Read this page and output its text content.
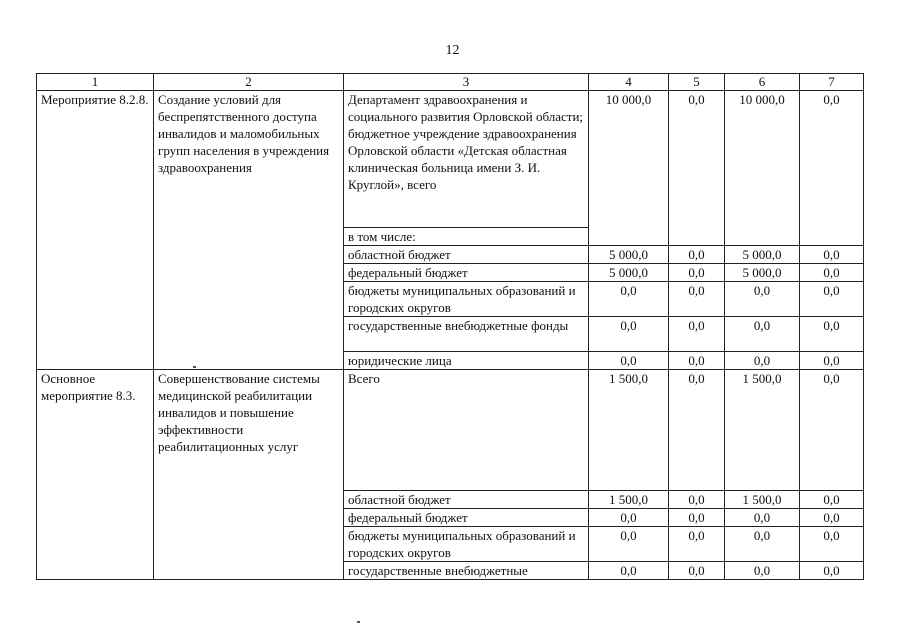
12
1	2	3	4	5	6	7
Мероприятие 8.2.8.	Создание условий для беспрепятственного доступа инвалидов и маломобильных групп населения в учреждения здравоохранения	Департамент здравоохранения и социального развития Орловской области; бюджетное учреждение здравоохранения Орловской области «Детская областная клиническая больница имени З. И. Круглой», всего	10 000,0	0,0	10 000,0	0,0
		в том числе:				
		областной бюджет	5 000,0	0,0	5 000,0	0,0
		федеральный бюджет	5 000,0	0,0	5 000,0	0,0
		бюджеты муниципальных образований и городских округов	0,0	0,0	0,0	0,0
		государственные внебюджетные фонды	0,0	0,0	0,0	0,0
		юридические лица	0,0	0,0	0,0	0,0
Основное мероприятие 8.3.	Совершенствование системы медицинской реабилитации инвалидов и повышение эффективности реабилитационных услуг	Всего	1 500,0	0,0	1 500,0	0,0
		областной бюджет	1 500,0	0,0	1 500,0	0,0
		федеральный бюджет	0,0	0,0	0,0	0,0
		бюджеты муниципальных образований и городских округов	0,0	0,0	0,0	0,0
		государственные внебюджетные	0,0	0,0	0,0	0,0
